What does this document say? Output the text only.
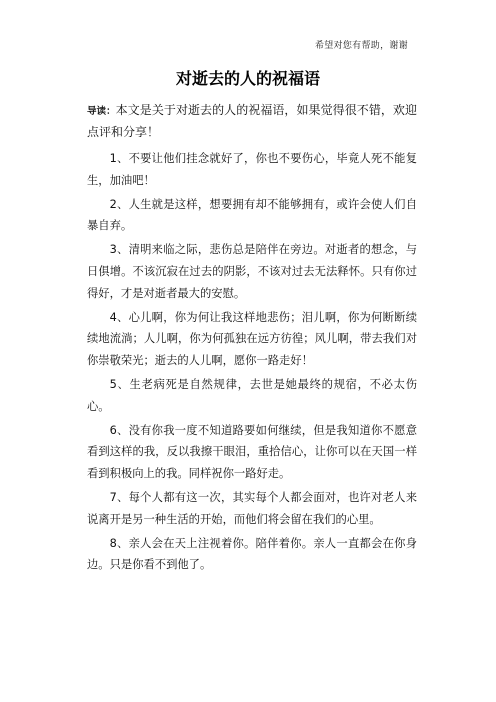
希望对您有帮助，谢谢
对逝去的人的祝福语

导读：本文是关于对逝去的人的祝福语，如果觉得很不错，欢迎点评和分享！

1、不要让他们挂念就好了，你也不要伤心，毕竟人死不能复生，加油吧！

2、人生就是这样，想要拥有却不能够拥有，或许会使人们自暴自弃。

3、清明来临之际，悲伤总是陪伴在旁边。对逝者的想念，与日俱增。不该沉寂在过去的阴影，不该对过去无法释怀。只有你过得好，才是对逝者最大的安慰。

4、心儿啊，你为何让我这样地悲伤；泪儿啊，你为何断断续续地流淌；人儿啊，你为何孤独在远方彷徨；风儿啊，带去我们对你崇敬荣光；逝去的人儿啊，愿你一路走好！

5、生老病死是自然规律，去世是她最终的规宿，不必太伤心。

6、没有你我一度不知道路要如何继续，但是我知道你不愿意看到这样的我，反以我擦干眼泪，重拾信心，让你可以在天国一样看到积极向上的我。同样祝你一路好走。

7、每个人都有这一次，其实每个人都会面对，也许对老人来说离开是另一种生活的开始，而他们将会留在我们的心里。

8、亲人会在天上注视着你。陪伴着你。亲人一直都会在你身边。只是你看不到他了。
